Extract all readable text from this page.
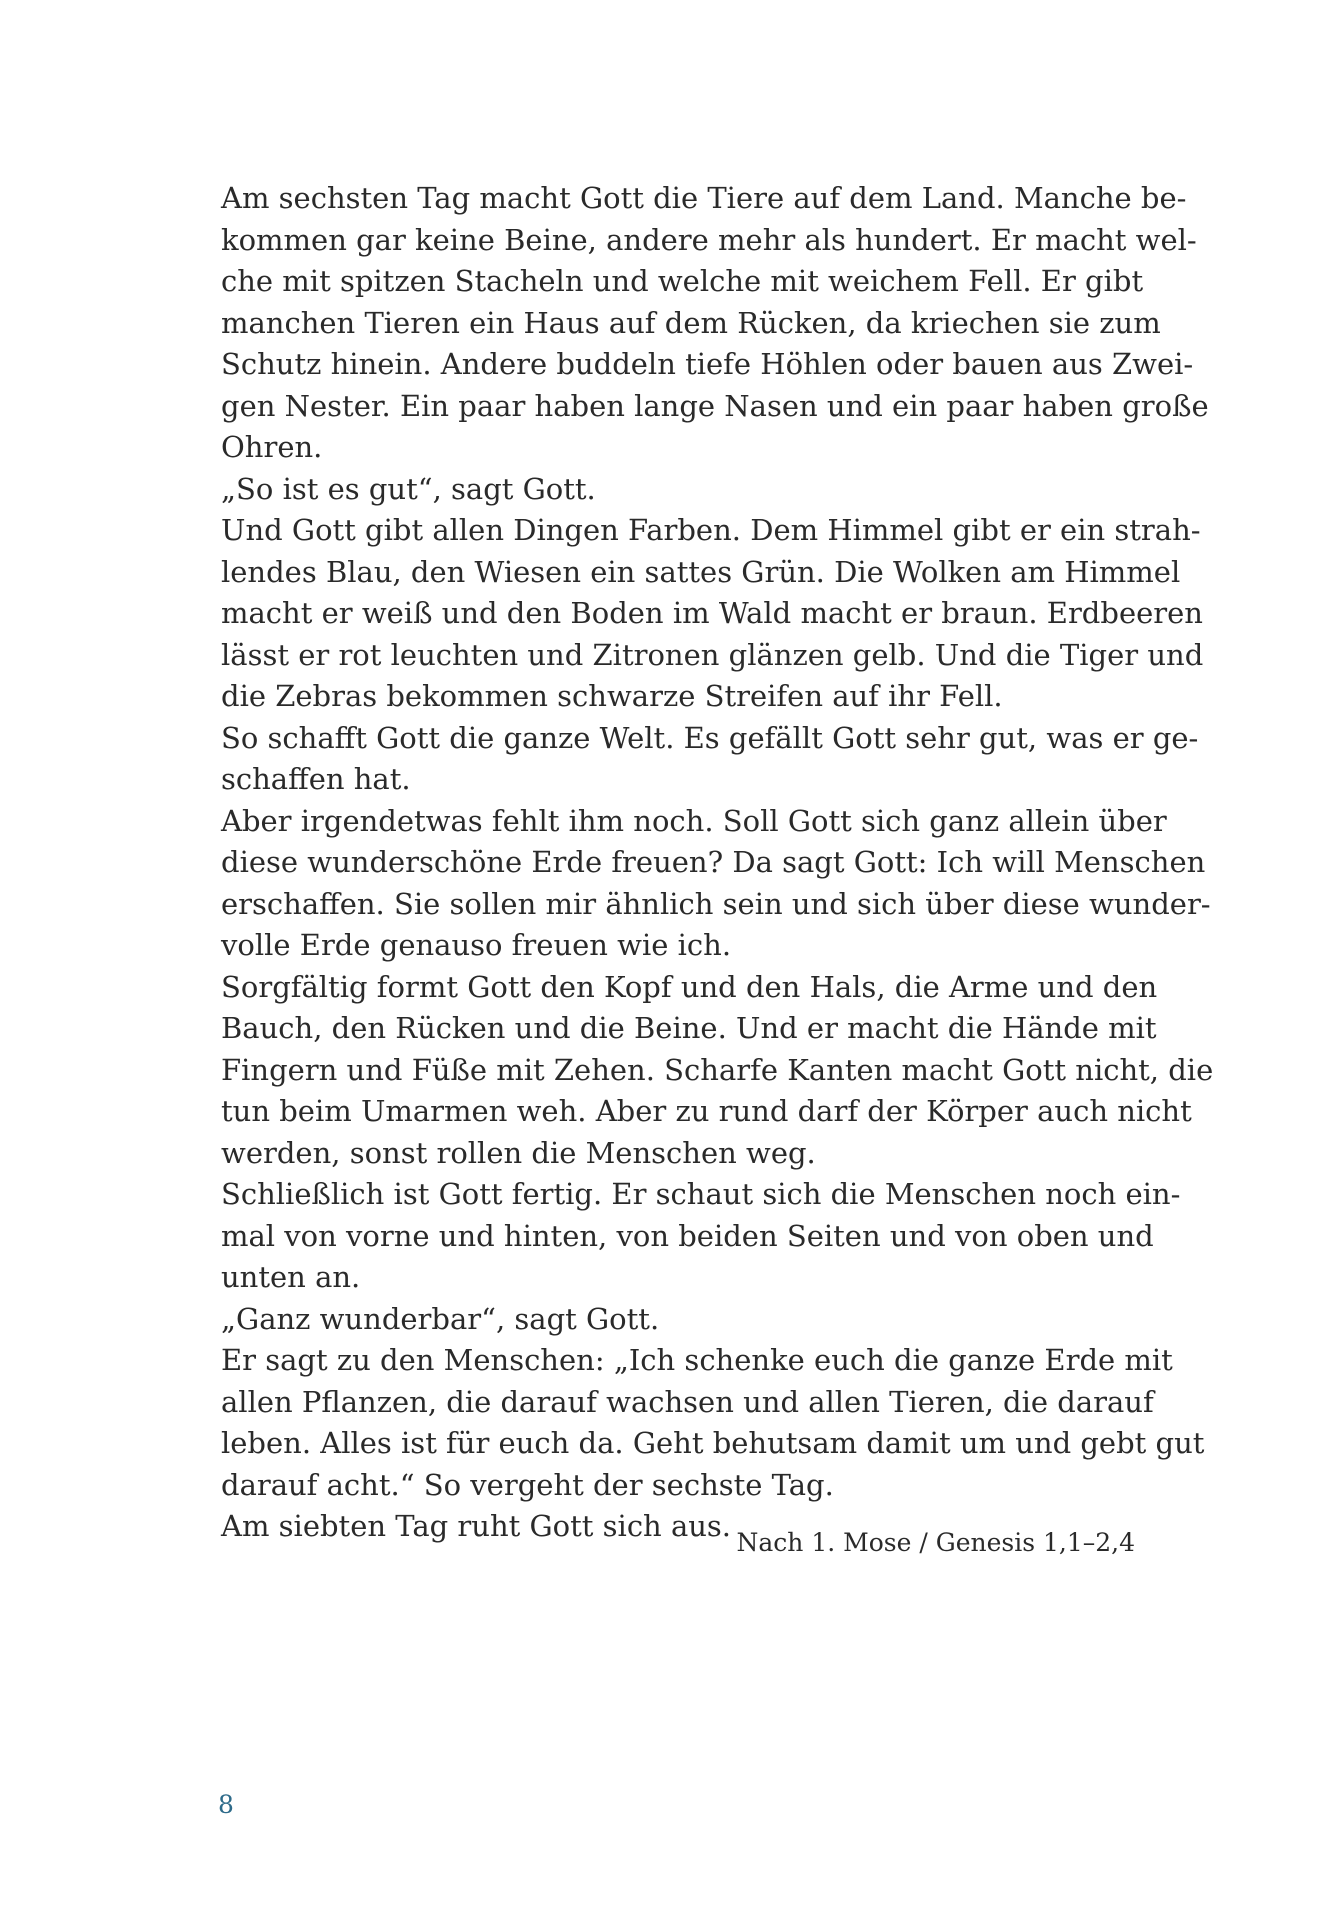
Am sechsten Tag macht Gott die Tiere auf dem Land. Manche be-
kommen gar keine Beine, andere mehr als hundert. Er macht wel-
che mit spitzen Stacheln und welche mit weichem Fell. Er gibt
manchen Tieren ein Haus auf dem Rücken, da kriechen sie zum
Schutz hinein. Andere buddeln tiefe Höhlen oder bauen aus Zwei-
gen Nester. Ein paar haben lange Nasen und ein paar haben große
Ohren.
„So ist es gut“, sagt Gott.
Und Gott gibt allen Dingen Farben. Dem Himmel gibt er ein strah-
lendes Blau, den Wiesen ein sattes Grün. Die Wolken am Himmel
macht er weiß und den Boden im Wald macht er braun. Erdbeeren
lässt er rot leuchten und Zitronen glänzen gelb. Und die Tiger und
die Zebras bekommen schwarze Streifen auf ihr Fell.
So schafft Gott die ganze Welt. Es gefällt Gott sehr gut, was er ge-
schaffen hat.
Aber irgendetwas fehlt ihm noch. Soll Gott sich ganz allein über
diese wunderschöne Erde freuen? Da sagt Gott: Ich will Menschen
erschaffen. Sie sollen mir ähnlich sein und sich über diese wunder-
volle Erde genauso freuen wie ich.
Sorgfältig formt Gott den Kopf und den Hals, die Arme und den
Bauch, den Rücken und die Beine. Und er macht die Hände mit
Fingern und Füße mit Zehen. Scharfe Kanten macht Gott nicht, die
tun beim Umarmen weh. Aber zu rund darf der Körper auch nicht
werden, sonst rollen die Menschen weg.
Schließlich ist Gott fertig. Er schaut sich die Menschen noch ein-
mal von vorne und hinten, von beiden Seiten und von oben und
unten an.
„Ganz wunderbar“, sagt Gott.
Er sagt zu den Menschen: „Ich schenke euch die ganze Erde mit
allen Pflanzen, die darauf wachsen und allen Tieren, die darauf
leben. Alles ist für euch da. Geht behutsam damit um und gebt gut
darauf acht.“ So vergeht der sechste Tag.
Am siebten Tag ruht Gott sich aus. Nach 1. Mose / Genesis 1,1–2,4
8
